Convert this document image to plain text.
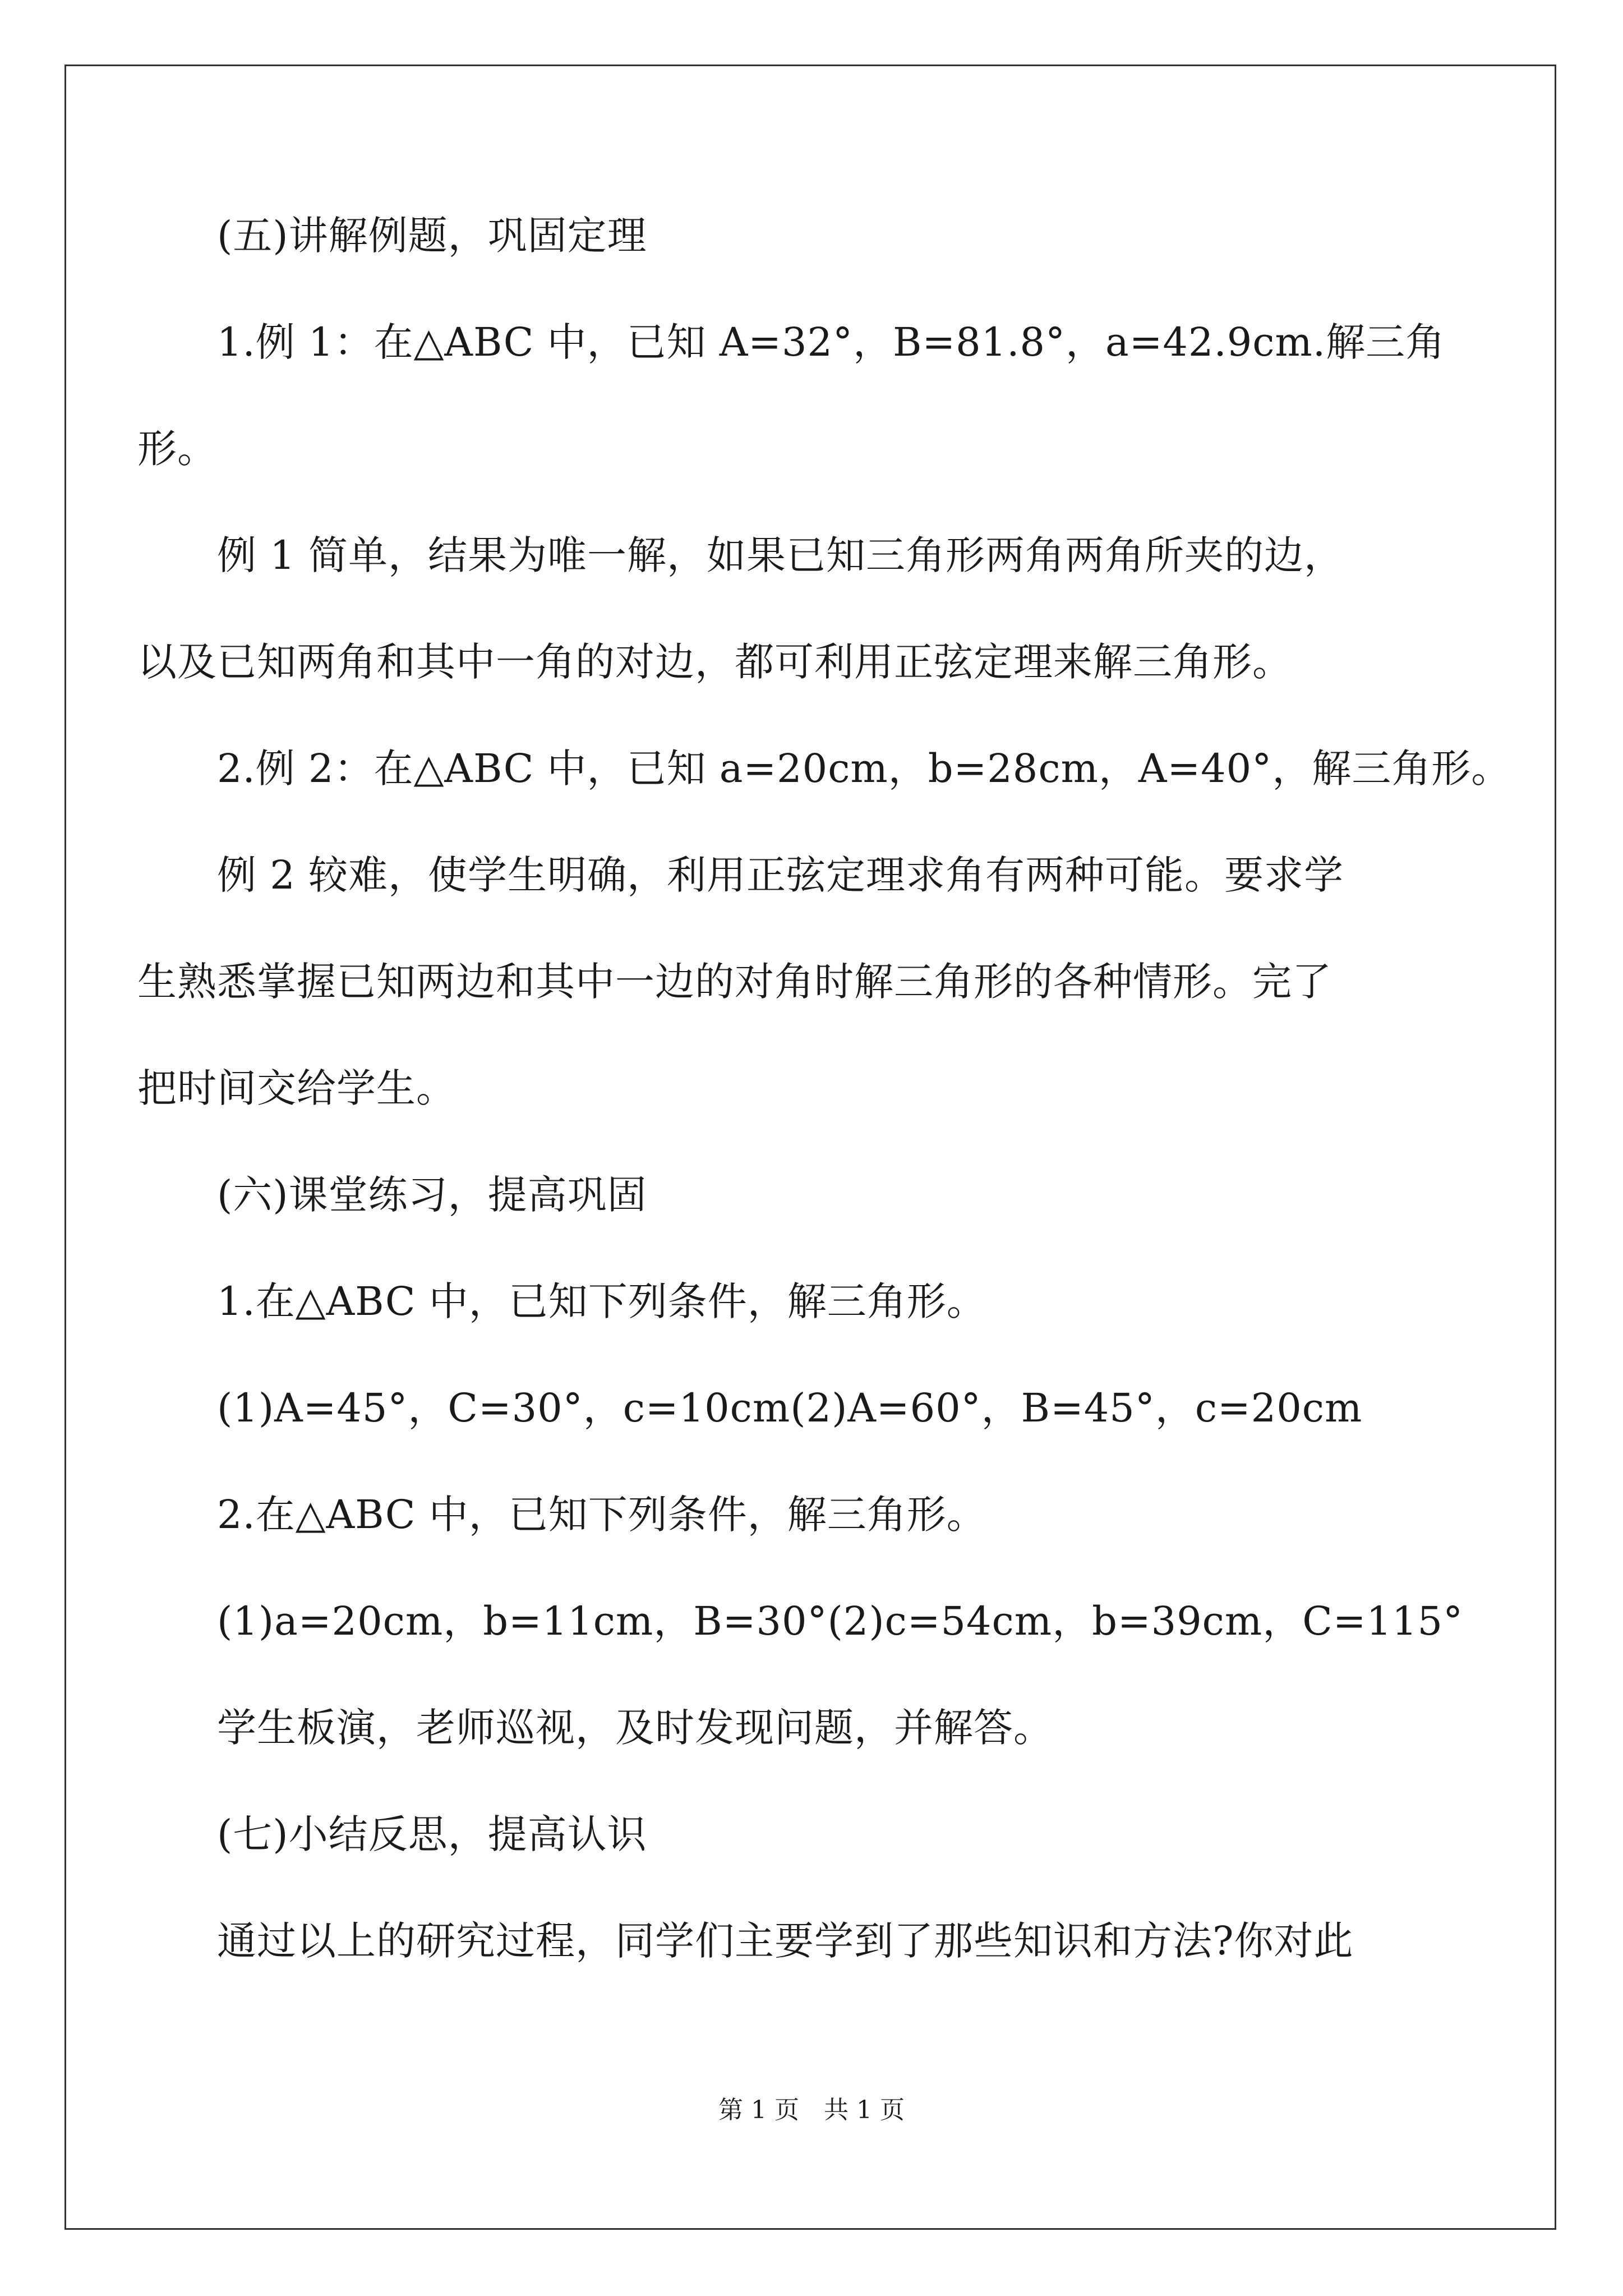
(五)讲解例题，巩固定理
1.例 1：在△ABC 中，已知 A=32°，B=81.8°，a=42.9cm.解三角
形。
例 1 简单，结果为唯一解，如果已知三角形两角两角所夹的边，
以及已知两角和其中一角的对边，都可利用正弦定理来解三角形。
2.例 2：在△ABC 中，已知 a=20cm，b=28cm，A=40°，解三角形。
例 2 较难，使学生明确，利用正弦定理求角有两种可能。要求学
生熟悉掌握已知两边和其中一边的对角时解三角形的各种情形。完了
把时间交给学生。
(六)课堂练习，提高巩固
1.在△ABC 中，已知下列条件，解三角形。
(1)A=45°，C=30°，c=10cm(2)A=60°，B=45°，c=20cm
2.在△ABC 中，已知下列条件，解三角形。
(1)a=20cm，b=11cm，B=30°(2)c=54cm，b=39cm，C=115°
学生板演，老师巡视，及时发现问题，并解答。
(七)小结反思，提高认识
通过以上的研究过程，同学们主要学到了那些知识和方法?你对此
第 1 页　共 1 页
